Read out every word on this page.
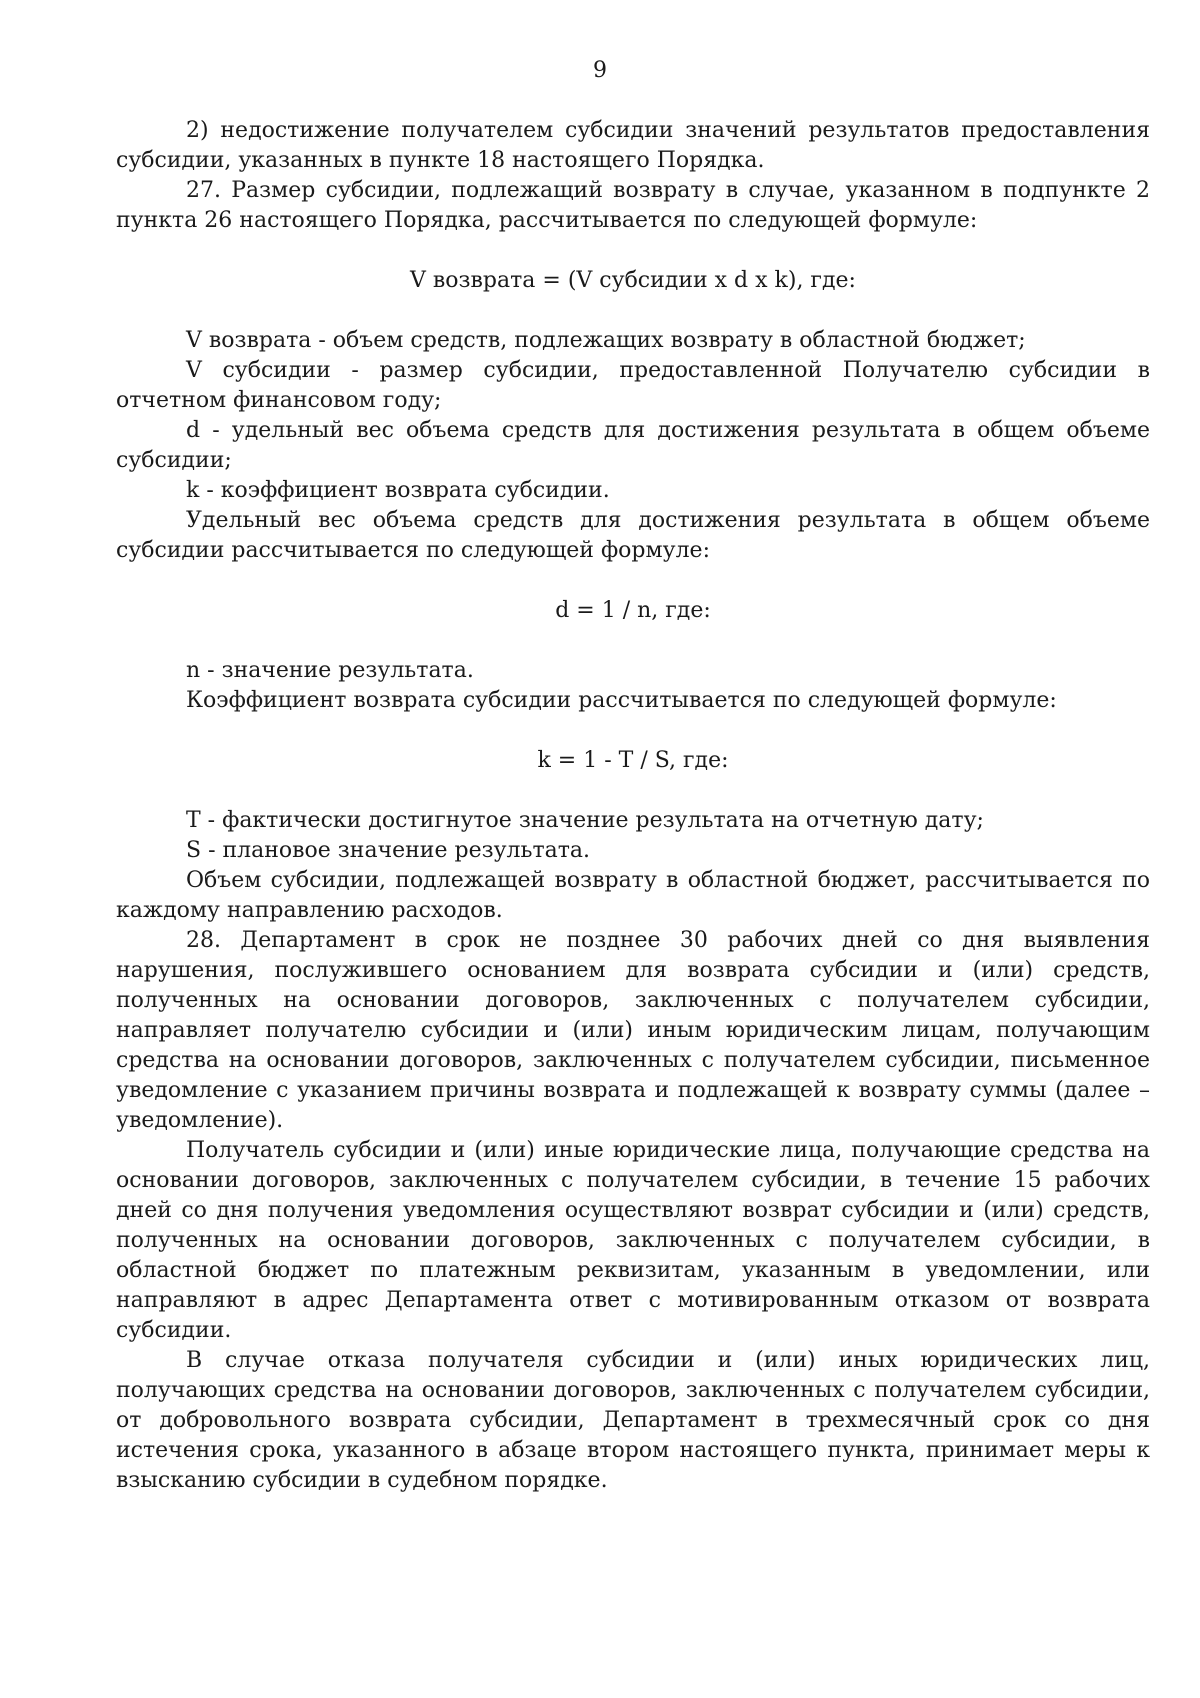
9

2) недостижение получателем субсидии значений результатов предоставления субсидии, указанных в пункте 18 настоящего Порядка.

27. Размер субсидии, подлежащий возврату в случае, указанном в подпункте 2 пункта 26 настоящего Порядка, рассчитывается по следующей формуле:

V возврата = (V субсидии x d x k), где:

V возврата - объем средств, подлежащих возврату в областной бюджет;

V субсидии - размер субсидии, предоставленной Получателю субсидии в отчетном финансовом году;

d - удельный вес объема средств для достижения результата в общем объеме субсидии;

k - коэффициент возврата субсидии.

Удельный вес объема средств для достижения результата в общем объеме субсидии рассчитывается по следующей формуле:

d = 1 / n, где:

n - значение результата.

Коэффициент возврата субсидии рассчитывается по следующей формуле:

k = 1 - T / S, где:

T - фактически достигнутое значение результата на отчетную дату;

S - плановое значение результата.

Объем субсидии, подлежащей возврату в областной бюджет, рассчитывается по каждому направлению расходов.

28. Департамент в срок не позднее 30 рабочих дней со дня выявления нарушения, послужившего основанием для возврата субсидии и (или) средств, полученных на основании договоров, заключенных с получателем субсидии, направляет получателю субсидии и (или) иным юридическим лицам, получающим средства на основании договоров, заключенных с получателем субсидии, письменное уведомление с указанием причины возврата и подлежащей к возврату суммы (далее – уведомление).

Получатель субсидии и (или) иные юридические лица, получающие средства на основании договоров, заключенных с получателем субсидии, в течение 15 рабочих дней со дня получения уведомления осуществляют возврат субсидии и (или) средств, полученных на основании договоров, заключенных с получателем субсидии, в областной бюджет по платежным реквизитам, указанным в уведомлении, или направляют в адрес Департамента ответ с мотивированным отказом от возврата субсидии.

В случае отказа получателя субсидии и (или) иных юридических лиц, получающих средства на основании договоров, заключенных с получателем субсидии, от добровольного возврата субсидии, Департамент в трехмесячный срок со дня истечения срока, указанного в абзаце втором настоящего пункта, принимает меры к взысканию субсидии в судебном порядке.
